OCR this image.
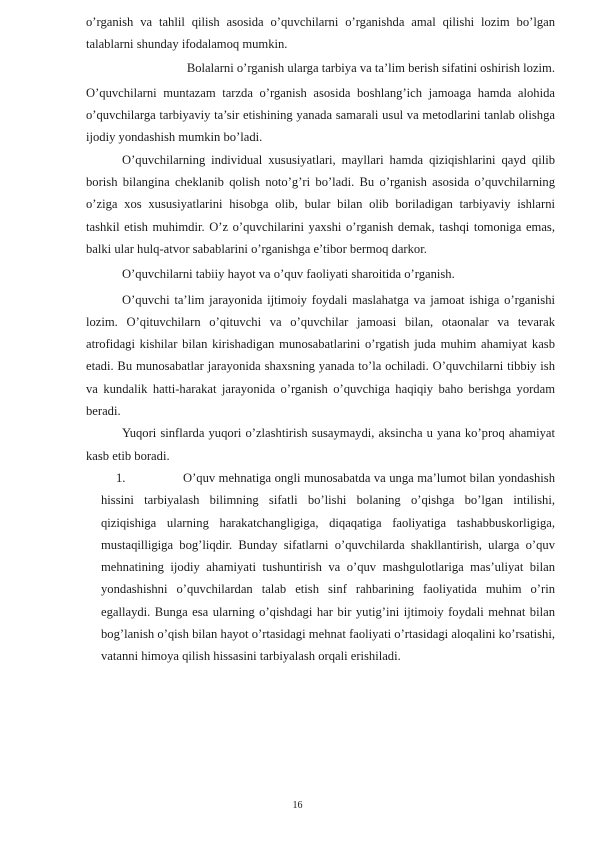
o’rganish va tahlil qilish asosida o’quvchilarni o’rganishda amal qilishi lozim bo’lgan talablarni shunday ifodalamoq mumkin.

Bolalarni o’rganish ularga tarbiya va ta’lim berish sifatini oshirish lozim.

O’quvchilarni muntazam tarzda o’rganish asosida boshlang’ich jamoaga hamda alohida o’quvchilarga tarbiyaviy ta’sir etishining yanada samarali usul va metodlarini tanlab olishga ijodiy yondashish mumkin bo’ladi.

O’quvchilarning individual xususiyatlari, mayllari hamda qiziqishlarini qayd qilib borish bilangina cheklanib qolish noto’g’ri bo’ladi. Bu o’rganish asosida o’quvchilarning o’ziga xos xususiyatlarini hisobga olib, bular bilan olib boriladigan tarbiyaviy ishlarni tashkil etish muhimdir. O’z o’quvchilarini yaxshi o’rganish demak, tashqi tomoniga emas, balki ular hulq-atvor sabablarini o’rganishga e’tibor bermoq darkor.

O’quvchilarni tabiiy hayot va o’quv faoliyati sharoitida o’rganish.

O’quvchi ta’lim jarayonida ijtimoiy foydali maslahatga va jamoat ishiga o’rganishi lozim. O’qituvchilarn o’qituvchi va o’quvchilar jamoasi bilan, otaonalar va tevarak atrofidagi kishilar bilan kirishadigan munosabatlarini o’rgatish juda muhim ahamiyat kasb etadi. Bu munosabatlar jarayonida shaxsning yanada to’la ochiladi. O’quvchilarni tibbiy ish va kundalik hatti-harakat jarayonida o’rganish o’quvchiga haqiqiy baho berishga yordam beradi.

Yuqori sinflarda yuqori o’zlashtirish susaymaydi, aksincha u yana ko’proq ahamiyat kasb etib boradi.

1.	O’quv mehnatiga ongli munosabatda va unga ma’lumot bilan yondashish hissini tarbiyalash bilimning sifatli bo’lishi bolaning o’qishga bo’lgan intilishi, qiziqishiga ularning harakatchangligiga, diqaqatiga faoliyatiga tashabbuskorligiga, mustaqilligiga bog’liqdir. Bunday sifatlarni o’quvchilarda shakllantirish, ularga o’quv mehnatining ijodiy ahamiyati tushuntirish va o’quv mashgulotlariga mas’uliyat bilan yondashishni o’quvchilardan talab etish sinf rahbarining faoliyatida muhim o’rin egallaydi. Bunga esa ularning o’qishdagi har bir yutig’ini ijtimoiy foydali mehnat bilan bog’lanish o’qish bilan hayot o’rtasidagi mehnat faoliyati o’rtasidagi aloqalini ko’rsatishi, vatanni himoya qilish hissasini tarbiyalash orqali erishiladi.

16
